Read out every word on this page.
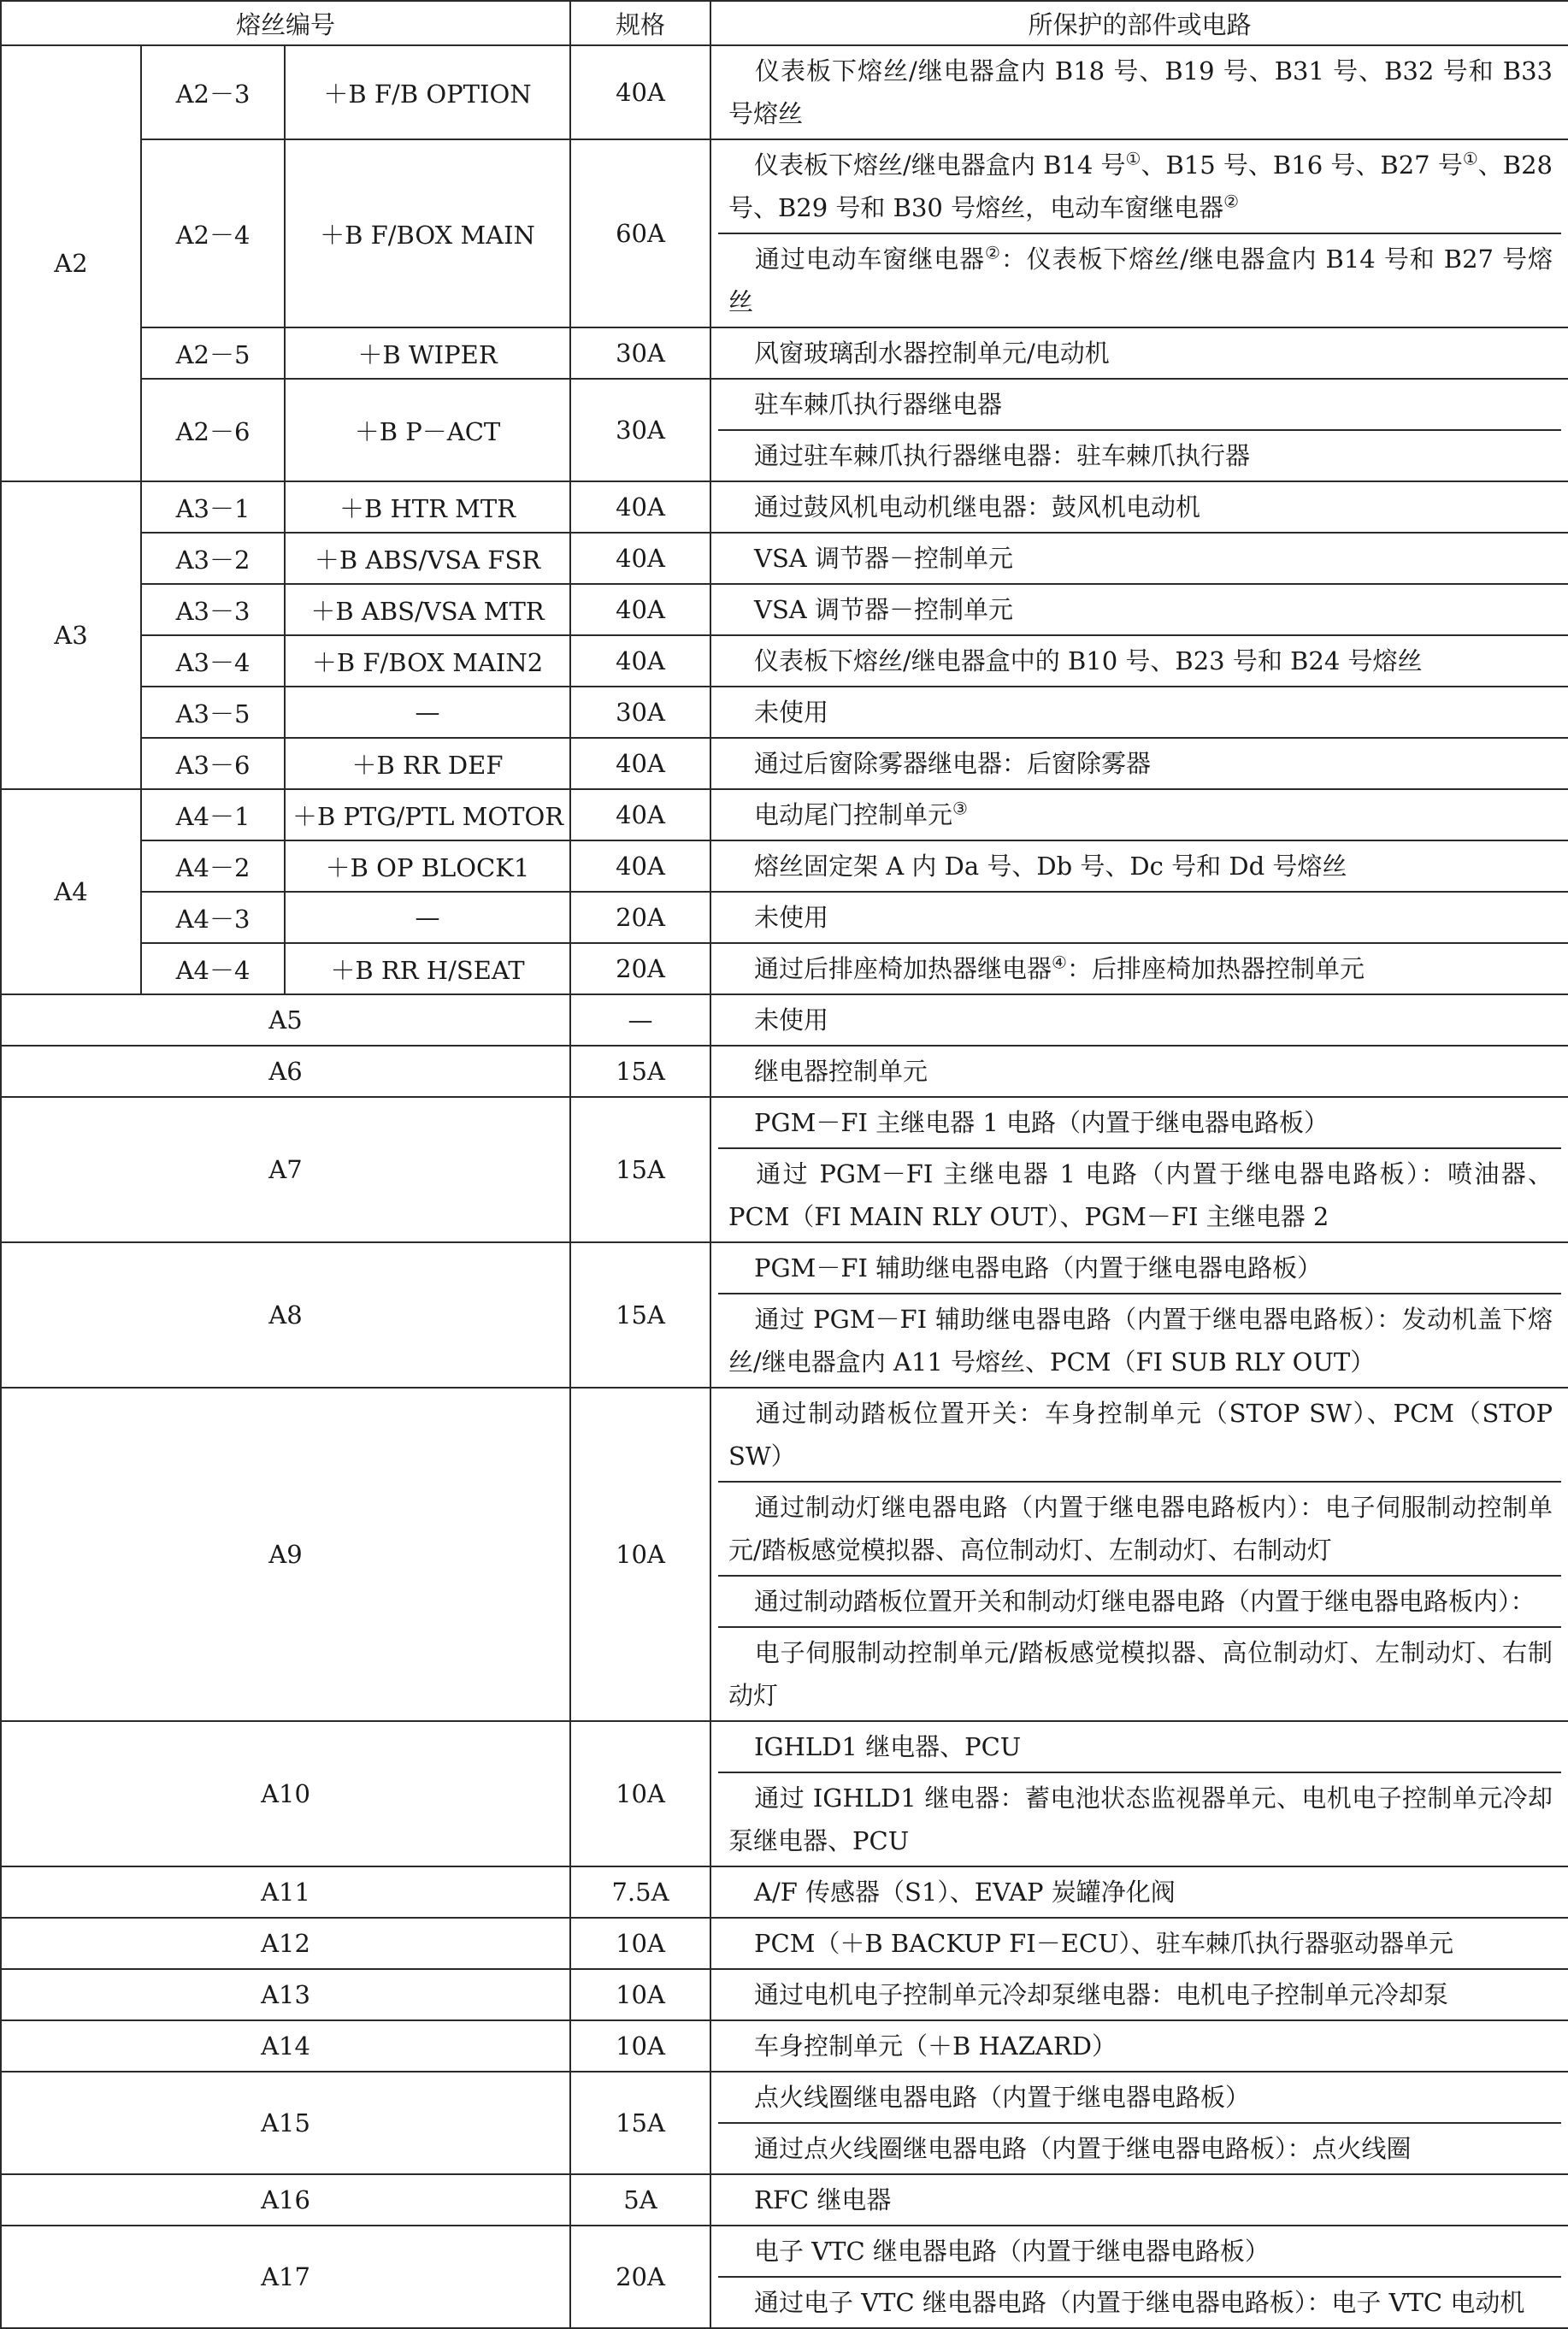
熔丝编号			规格	所保护的部件或电路
A2	A2－3	＋B F/B OPTION	40A	仪表板下熔丝/继电器盒内 B18 号、B19 号、B31 号、B32 号和 B33 号熔丝

	A2－4	＋B F/BOX MAIN	60A	仪表板下熔丝/继电器盒内 B14 号①、B15 号、B16 号、B27 号①、B28 号、B29 号和 B30 号熔丝，电动车窗继电器②
通过电动车窗继电器②：仪表板下熔丝/继电器盒内 B14 号和 B27 号熔丝

	A2－5	＋B WIPER	30A	风窗玻璃刮水器控制单元/电动机

	A2－6	＋B P－ACT	30A	驻车棘爪执行器继电器
通过驻车棘爪执行器继电器：驻车棘爪执行器

A3	A3－1	＋B HTR MTR	40A	通过鼓风机电动机继电器：鼓风机电动机

	A3－2	＋B ABS/VSA FSR	40A	VSA 调节器－控制单元

	A3－3	＋B ABS/VSA MTR	40A	VSA 调节器－控制单元

	A3－4	＋B F/BOX MAIN2	40A	仪表板下熔丝/继电器盒中的 B10 号、B23 号和 B24 号熔丝

	A3－5	—	30A	未使用

	A3－6	＋B RR DEF	40A	通过后窗除雾器继电器：后窗除雾器

A4	A4－1	＋B PTG/PTL MOTOR	40A	电动尾门控制单元③

	A4－2	＋B OP BLOCK1	40A	熔丝固定架 A 内 Da 号、Db 号、Dc 号和 Dd 号熔丝

	A4－3	—	20A	未使用

	A4－4	＋B RR H/SEAT	20A	通过后排座椅加热器继电器④：后排座椅加热器控制单元

A5			—	未使用

A6			15A	继电器控制单元

A7			15A	PGM－FI 主继电器 1 电路（内置于继电器电路板）
通过 PGM－FI 主继电器 1 电路（内置于继电器电路板）：喷油器、PCM（FI MAIN RLY OUT）、PGM－FI 主继电器 2

A8			15A	PGM－FI 辅助继电器电路（内置于继电器电路板）
通过 PGM－FI 辅助继电器电路（内置于继电器电路板）：发动机盖下熔丝/继电器盒内 A11 号熔丝、PCM（FI SUB RLY OUT）

A9			10A	通过制动踏板位置开关：车身控制单元（STOP SW）、PCM（STOP SW）
通过制动灯继电器电路（内置于继电器电路板内）：电子伺服制动控制单元/踏板感觉模拟器、高位制动灯、左制动灯、右制动灯
通过制动踏板位置开关和制动灯继电器电路（内置于继电器电路板内）：
电子伺服制动控制单元/踏板感觉模拟器、高位制动灯、左制动灯、右制动灯

A10			10A	IGHLD1 继电器、PCU
通过 IGHLD1 继电器：蓄电池状态监视器单元、电机电子控制单元冷却泵继电器、PCU

A11			7.5A	A/F 传感器（S1）、EVAP 炭罐净化阀

A12			10A	PCM（＋B BACKUP FI－ECU）、驻车棘爪执行器驱动器单元

A13			10A	通过电机电子控制单元冷却泵继电器：电机电子控制单元冷却泵

A14			10A	车身控制单元（＋B HAZARD）

A15			15A	点火线圈继电器电路（内置于继电器电路板）
通过点火线圈继电器电路（内置于继电器电路板）：点火线圈

A16			5A	RFC 继电器

A17			20A	电子 VTC 继电器电路（内置于继电器电路板）
通过电子 VTC 继电器电路（内置于继电器电路板）：电子 VTC 电动机
